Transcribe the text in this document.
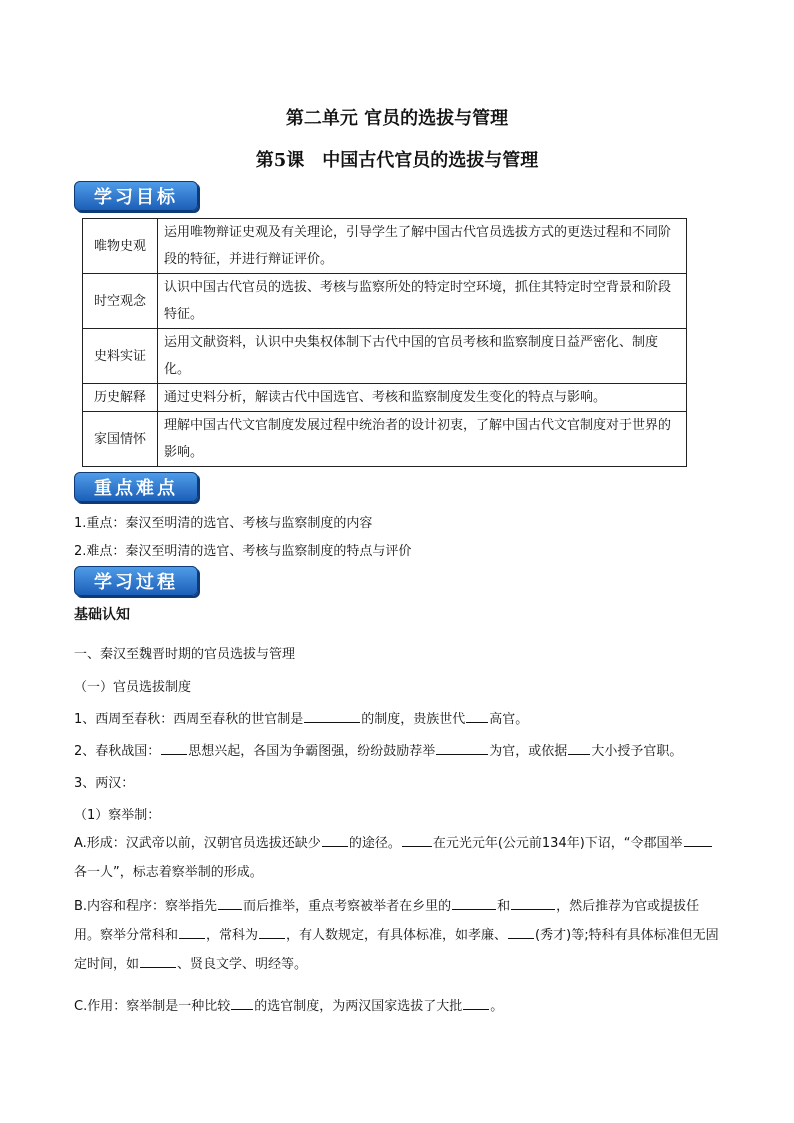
第二单元 官员的选拔与管理
第5课　中国古代官员的选拔与管理
学习目标
唯物史观	运用唯物辩证史观及有关理论，引导学生了解中国古代官员选拔方式的更迭过程和不同阶段的特征，并进行辩证评价。
时空观念	认识中国古代官员的选拔、考核与监察所处的特定时空环境，抓住其特定时空背景和阶段特征。
史料实证	运用文献资料，认识中央集权体制下古代中国的官员考核和监察制度日益严密化、制度化。
历史解释	通过史料分析，解读古代中国选官、考核和监察制度发生变化的特点与影响。
家国情怀	理解中国古代文官制度发展过程中统治者的设计初衷，了解中国古代文官制度对于世界的影响。
重点难点
1.重点：秦汉至明清的选官、考核与监察制度的内容
2.难点：秦汉至明清的选官、考核与监察制度的特点与评价
学习过程
基础认知
一、秦汉至魏晋时期的官员选拔与管理
（一）官员选拔制度
1、西周至春秋：西周至春秋的世官制是	的制度，贵族世代 高官。
2、春秋战国： 思想兴起，各国为争霸图强，纷纷鼓励荐举	为官，或依据 大小授予官职。
3、两汉：
（1）察举制：
A.形成：汉武帝以前，汉朝官员选拔还缺少 的途径。 在元光元年(公元前134年)下诏，“令郡国举各一人”，标志着察举制的形成。
B.内容和程序：察举指先 而后推举，重点考察被举者在乡里的	和	，然后推荐为官或提拔任用。察举分常科和 ，常科为 ，有人数规定，有具体标准，如孝廉、 (秀才)等;特科有具体标准但无固定时间，如	、贤良文学、明经等。
C.作用：察举制是一种比较 的选官制度，为两汉国家选拔了大批 。
